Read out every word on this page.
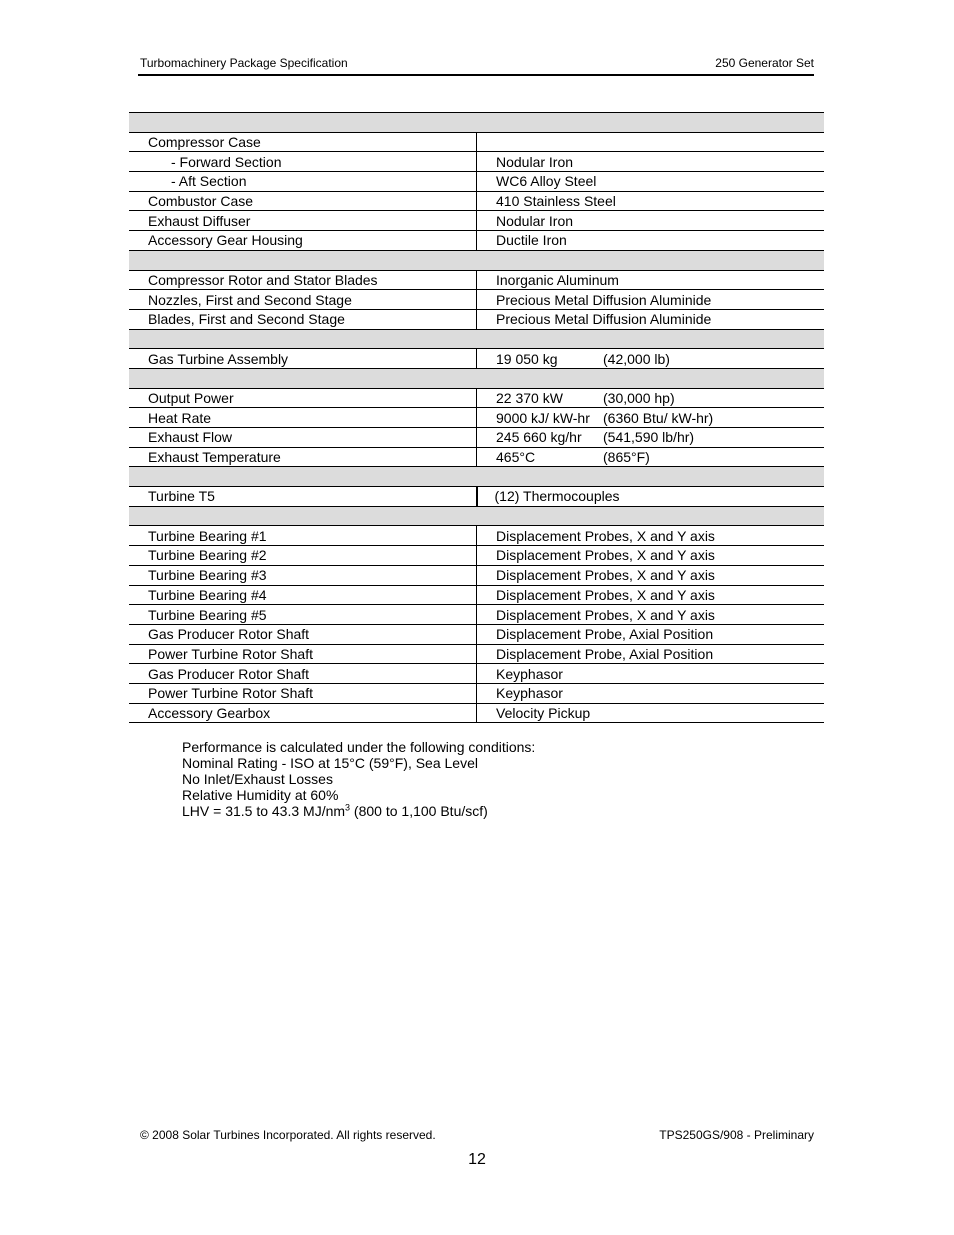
Turbomachinery Package Specification	250 Generator Set

Compressor Case	
- Forward Section	Nodular Iron
- Aft Section	WC6 Alloy Steel
Combustor Case	410 Stainless Steel
Exhaust Diffuser	Nodular Iron
Accessory Gear Housing	Ductile Iron

Compressor Rotor and Stator Blades	Inorganic Aluminum
Nozzles, First and Second Stage	Precious Metal Diffusion Aluminide
Blades, First and Second Stage	Precious Metal Diffusion Aluminide

Gas Turbine Assembly	19 050 kg (42,000 lb)

Output Power	22 370 kW (30,000 hp)
Heat Rate	9000 kJ/ kW-hr (6360 Btu/ kW-hr)
Exhaust Flow	245 660 kg/hr (541,590 lb/hr)
Exhaust Temperature	465°C (865°F)

Turbine T5	(12) Thermocouples

Turbine Bearing #1	Displacement Probes, X and Y axis
Turbine Bearing #2	Displacement Probes, X and Y axis
Turbine Bearing #3	Displacement Probes, X and Y axis
Turbine Bearing #4	Displacement Probes, X and Y axis
Turbine Bearing #5	Displacement Probes, X and Y axis
Gas Producer Rotor Shaft	Displacement Probe, Axial Position
Power Turbine Rotor Shaft	Displacement Probe, Axial Position
Gas Producer Rotor Shaft	Keyphasor
Power Turbine Rotor Shaft	Keyphasor
Accessory Gearbox	Velocity Pickup
Performance is calculated under the following conditions:
Nominal Rating - ISO at 15°C (59°F), Sea Level
No Inlet/Exhaust Losses
Relative Humidity at 60%
LHV = 31.5 to 43.3 $MJ/nm^3$ (800 to 1,100 Btu/scf)
© 2008 Solar Turbines Incorporated. All rights reserved.	TPS250GS/908 - Preliminary
12
